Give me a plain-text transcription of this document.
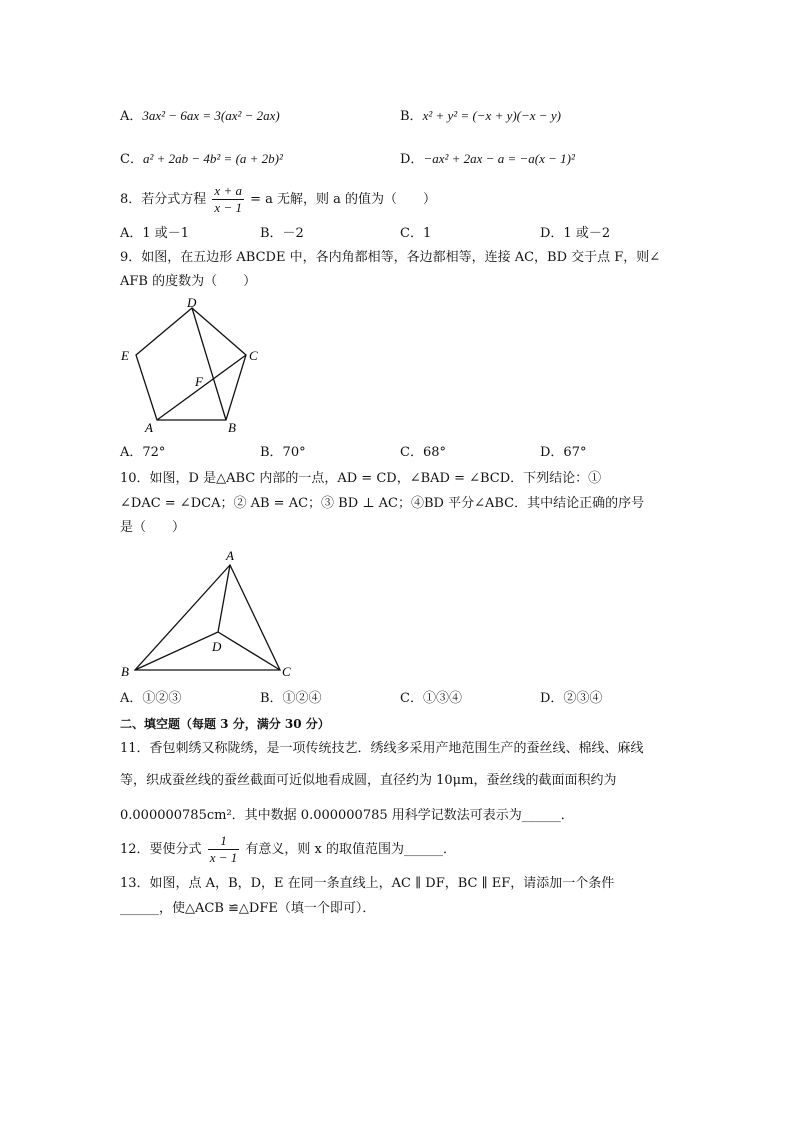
A．3ax² − 6ax = 3(ax² − 2ax)	B．x² + y² = (−x + y)(−x − y)
C．a² + 2ab − 4b² = (a + 2b)²	D．−ax² + 2ax − a = −a(x − 1)²
8．若分式方程 $\frac{x + a}{x - 1} = a$ 无解，则 a 的值为（　　）
A．1 或－1	B．－2	C．1	D．1 或－2
9．如图，在五边形 ABCDE 中，各内角都相等，各边都相等，连接 AC，BD 交于点 F，则∠
AFB 的度数为（　　）
D
C
E
F
A	B
A．72°	B．70°	C．68°	D．67°
10．如图，D 是△ABC 内部的一点，AD = CD，∠BAD = ∠BCD．下列结论：①
∠DAC = ∠DCA；② AB = AC；③ BD ⊥ AC；④BD 平分∠ABC．其中结论正确的序号
是（　　）
A
B	C
D
A．①②③	B．①②④	C．①③④	D．②③④
二、填空题（每题 3 分，满分 30 分）
11．香包刺绣又称陇绣，是一项传统技艺．绣线多采用产地范围生产的蚕丝线、棉线、麻线
等，织成蚕丝线的蚕丝截面可近似地看成圆，直径约为 10μm，蚕丝线的截面面积约为
0.000000785cm²．其中数据 0.000000785 用科学记数法可表示为______．
12．要使分式 $\frac{1}{x - 1}$ 有意义，则 x 的取值范围为______．
13．如图，点 A，B，D，E 在同一条直线上，AC ∥ DF，BC ∥ EF，请添加一个条件
______，使△ACB ≌△DFE（填一个即可）．
